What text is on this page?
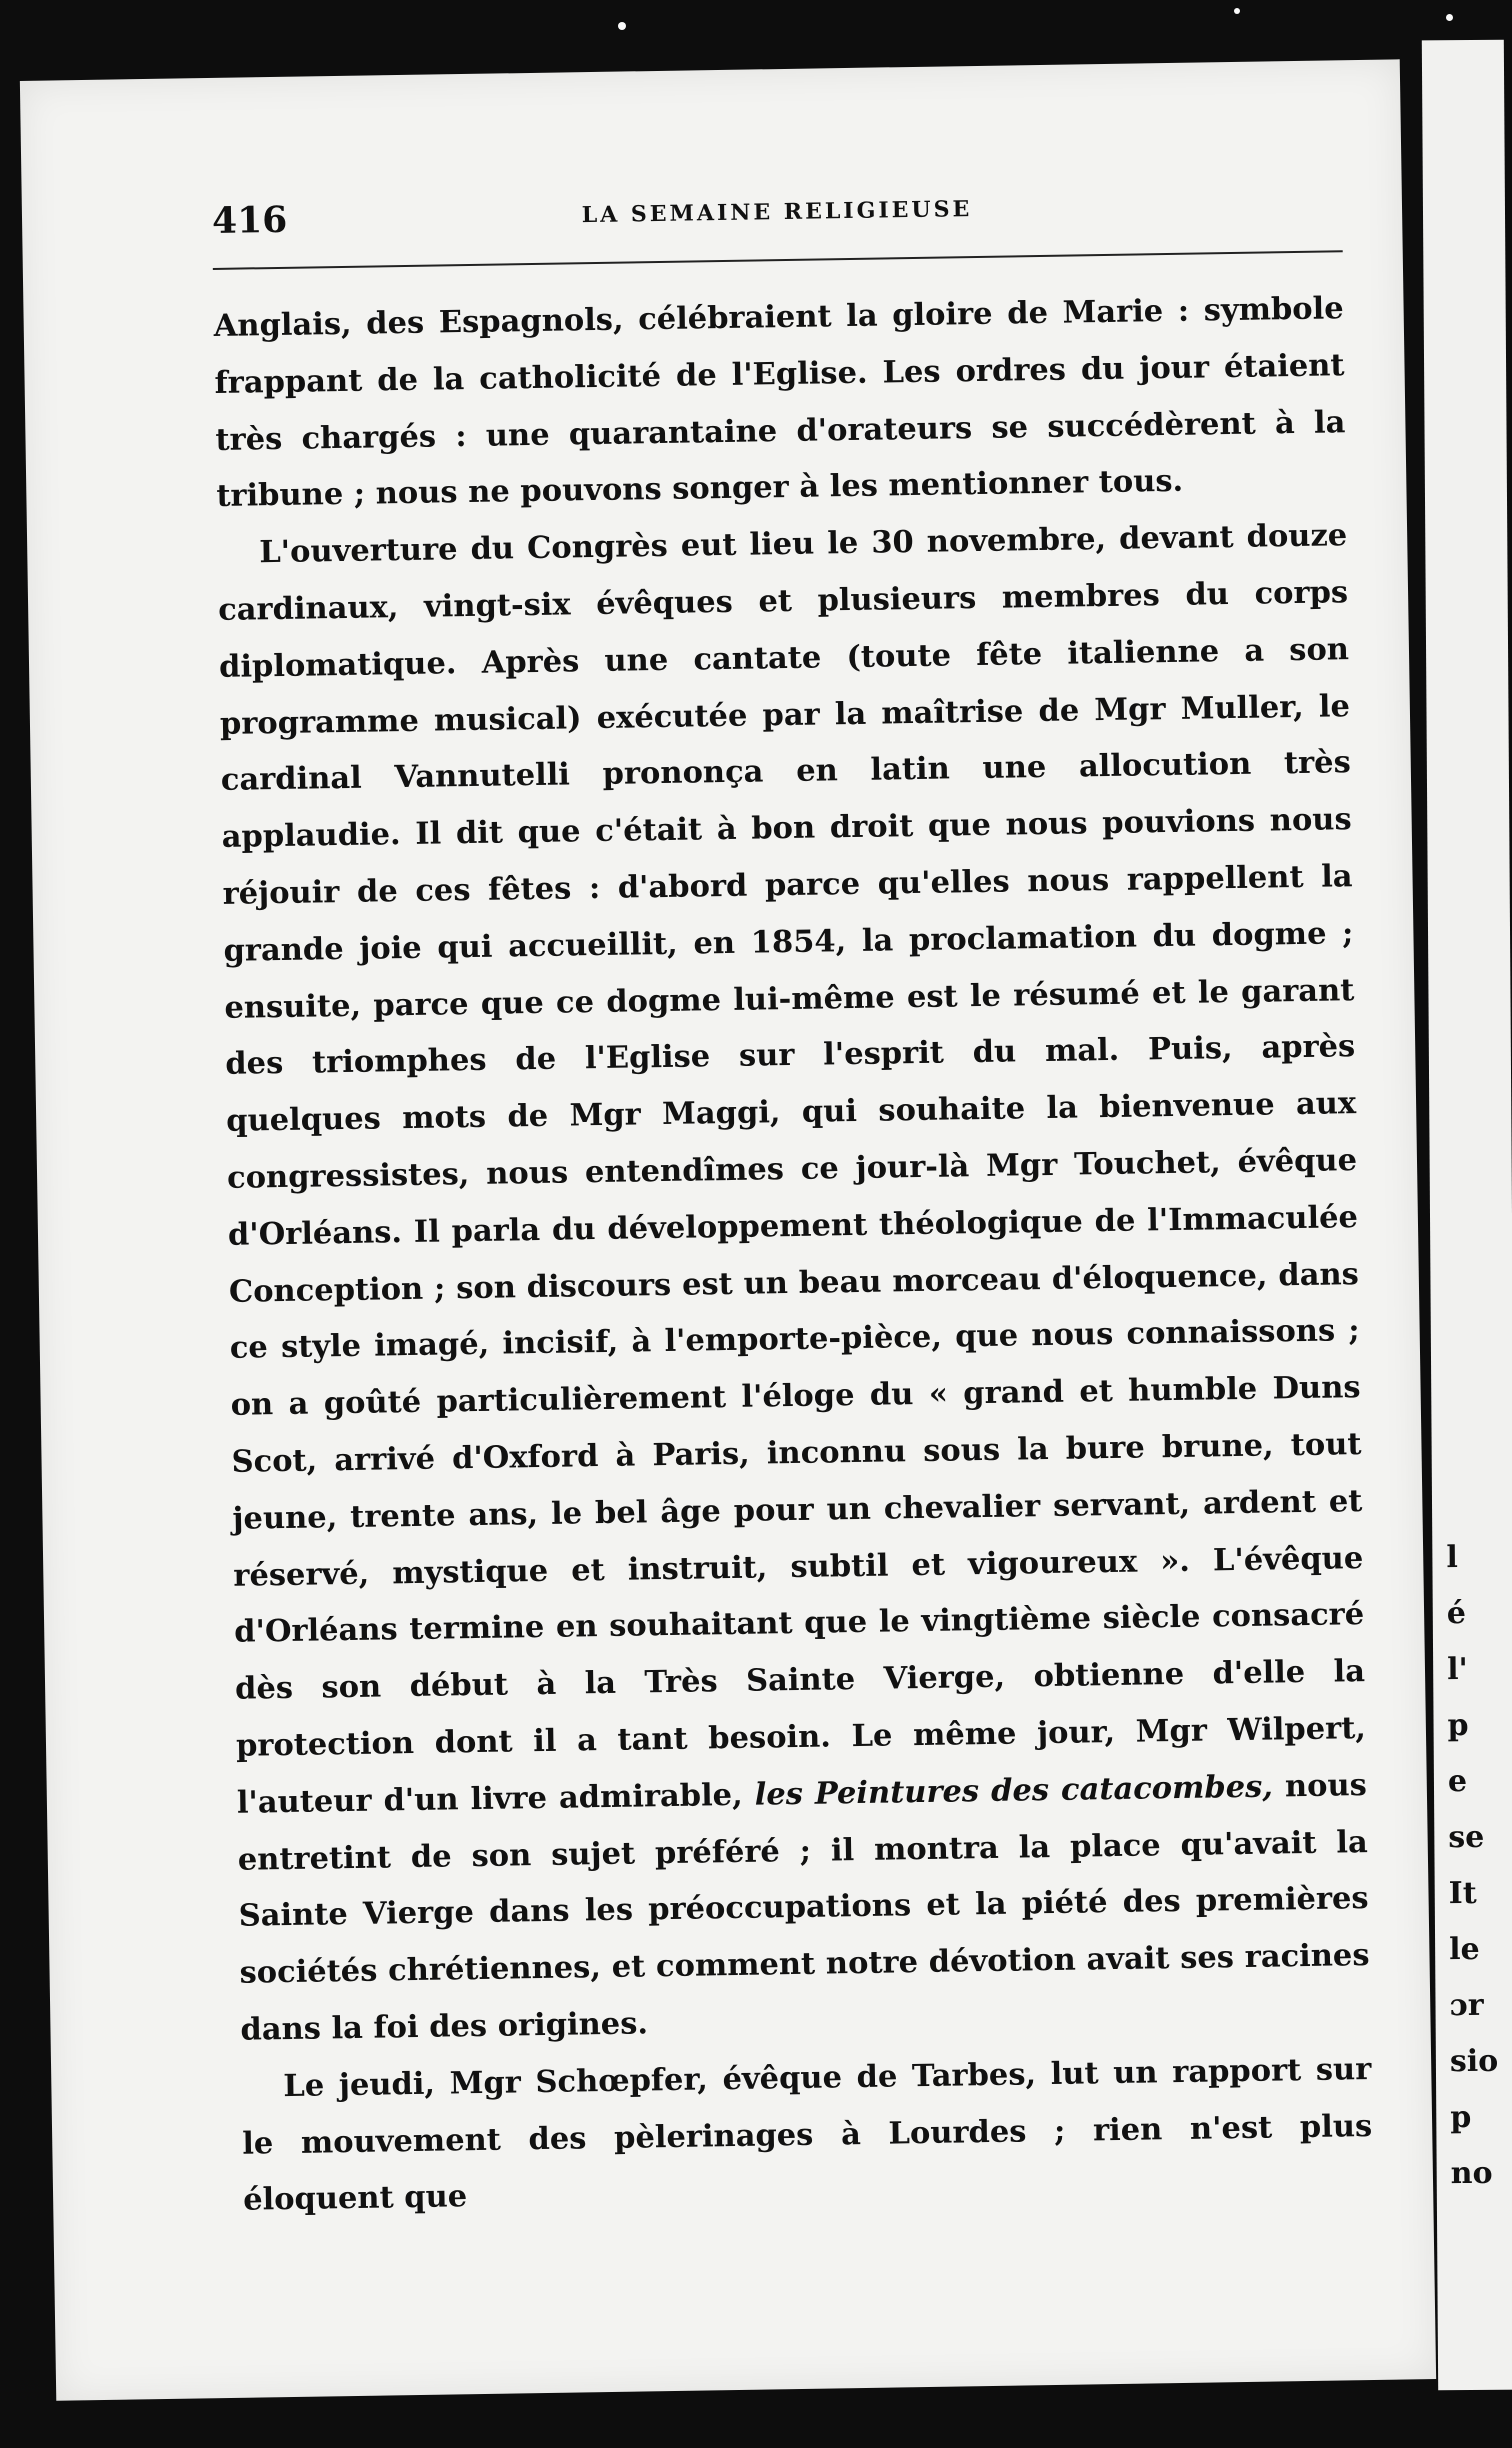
416	LA SEMAINE RELIGIEUSE

Anglais, des Espagnols, célébraient la gloire de Marie : symbole frappant de la catholicité de l'Eglise. Les ordres du jour étaient très chargés : une quarantaine d'orateurs se succédèrent à la tribune ; nous ne pouvons songer à les mentionner tous.

L'ouverture du Congrès eut lieu le 30 novembre, devant douze cardinaux, vingt-six évêques et plusieurs membres du corps diplomatique. Après une cantate (toute fête italienne a son programme musical) exécutée par la maîtrise de Mgr Muller, le cardinal Vannutelli prononça en latin une allocution très applaudie. Il dit que c'était à bon droit que nous pouvions nous réjouir de ces fêtes : d'abord parce qu'elles nous rappellent la grande joie qui accueillit, en 1854, la proclamation du dogme ; ensuite, parce que ce dogme lui-même est le résumé et le garant des triomphes de l'Eglise sur l'esprit du mal. Puis, après quelques mots de Mgr Maggi, qui souhaite la bienvenue aux congressistes, nous entendîmes ce jour-là Mgr Touchet, évêque d'Orléans. Il parla du développement théologique de l'Immaculée Conception ; son discours est un beau morceau d'éloquence, dans ce style imagé, incisif, à l'emporte-pièce, que nous connaissons ; on a goûté particulièrement l'éloge du « grand et humble Duns Scot, arrivé d'Oxford à Paris, inconnu sous la bure brune, tout jeune, trente ans, le bel âge pour un chevalier servant, ardent et réservé, mystique et instruit, subtil et vigoureux ». L'évêque d'Orléans termine en souhaitant que le vingtième siècle consacré dès son début à la Très Sainte Vierge, obtienne d'elle la protection dont il a tant besoin. Le même jour, Mgr Wilpert, l'auteur d'un livre admirable, les Peintures des catacombes, nous entretint de son sujet préféré ; il montra la place qu'avait la Sainte Vierge dans les préoccupations et la piété des premières sociétés chrétiennes, et comment notre dévotion avait ses racines dans la foi des origines.

Le jeudi, Mgr Schœpfer, évêque de Tarbes, lut un rapport sur le mouvement des pèlerinages à Lourdes ; rien n'est plus éloquent que

l
é
l'
p
e
se
It
le
ɔr
sio
p
no
